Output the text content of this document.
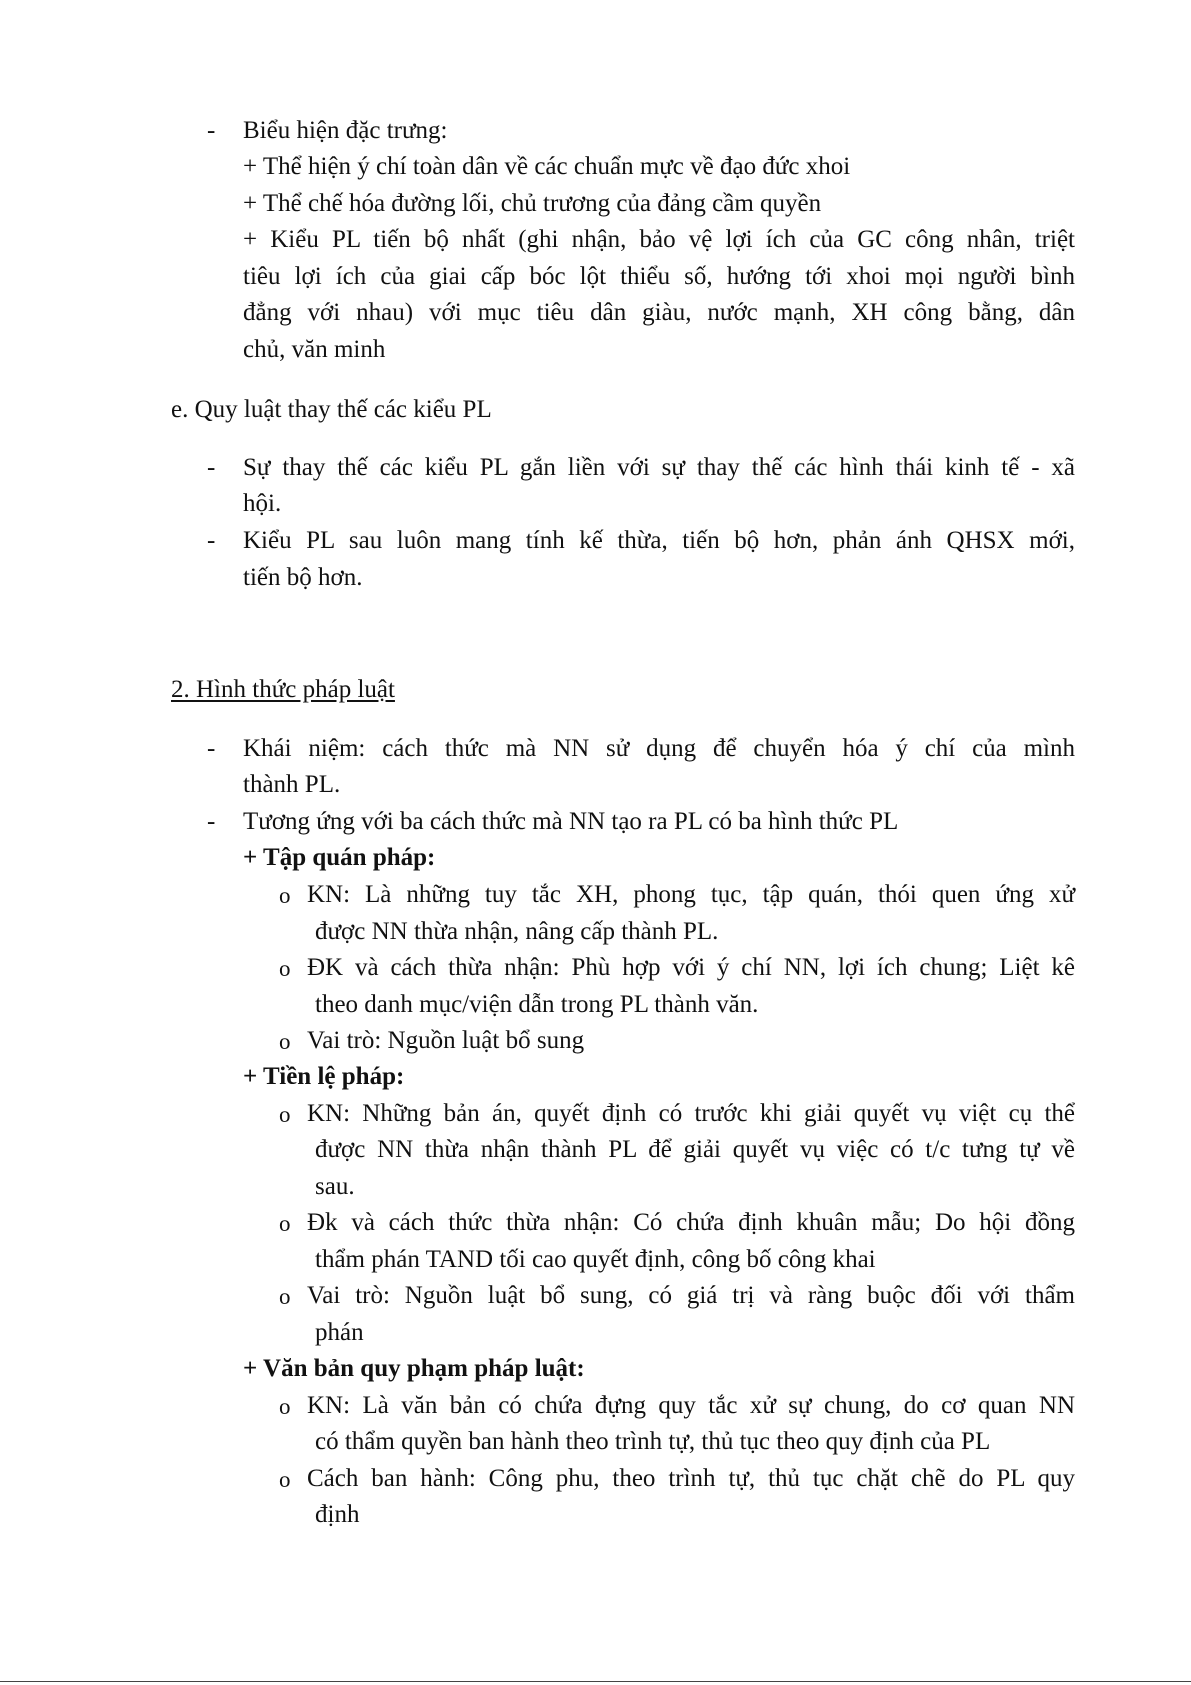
- Biểu hiện đặc trưng:
+ Thể hiện ý chí toàn dân về các chuẩn mực về đạo đức xhoi
+ Thể chế hóa đường lối, chủ trương của đảng cầm quyền
+ Kiểu PL tiến bộ nhất (ghi nhận, bảo vệ lợi ích của GC công nhân, triệt
tiêu lợi ích của giai cấp bóc lột thiểu số, hướng tới xhoi mọi người bình
đẳng với nhau) với mục tiêu dân giàu, nước mạnh, XH công bằng, dân
chủ, văn minh
e. Quy luật thay thế các kiểu PL
- Sự thay thế các kiểu PL gắn liền với sự thay thế các hình thái kinh tế - xã
hội.
- Kiểu PL sau luôn mang tính kế thừa, tiến bộ hơn, phản ánh QHSX mới,
tiến bộ hơn.
2. Hình thức pháp luật
- Khái niệm: cách thức mà NN sử dụng để chuyển hóa ý chí của mình
thành PL.
- Tương ứng với ba cách thức mà NN tạo ra PL có ba hình thức PL
+ Tập quán pháp:
o KN: Là những tuy tắc XH, phong tục, tập quán, thói quen ứng xử
được NN thừa nhận, nâng cấp thành PL.
o ĐK và cách thừa nhận: Phù hợp với ý chí NN, lợi ích chung; Liệt kê
theo danh mục/viện dẫn trong PL thành văn.
o Vai trò: Nguồn luật bổ sung
+ Tiền lệ pháp:
o KN: Những bản án, quyết định có trước khi giải quyết vụ việt cụ thể
được NN thừa nhận thành PL để giải quyết vụ việc có t/c tưng tự về
sau.
o Đk và cách thức thừa nhận: Có chứa định khuân mẫu; Do hội đồng
thẩm phán TAND tối cao quyết định, công bố công khai
o Vai trò: Nguồn luật bổ sung, có giá trị và ràng buộc đối với thẩm
phán
+ Văn bản quy phạm pháp luật:
o KN: Là văn bản có chứa đựng quy tắc xử sự chung, do cơ quan NN
có thẩm quyền ban hành theo trình tự, thủ tục theo quy định của PL
o Cách ban hành: Công phu, theo trình tự, thủ tục chặt chẽ do PL quy
định
